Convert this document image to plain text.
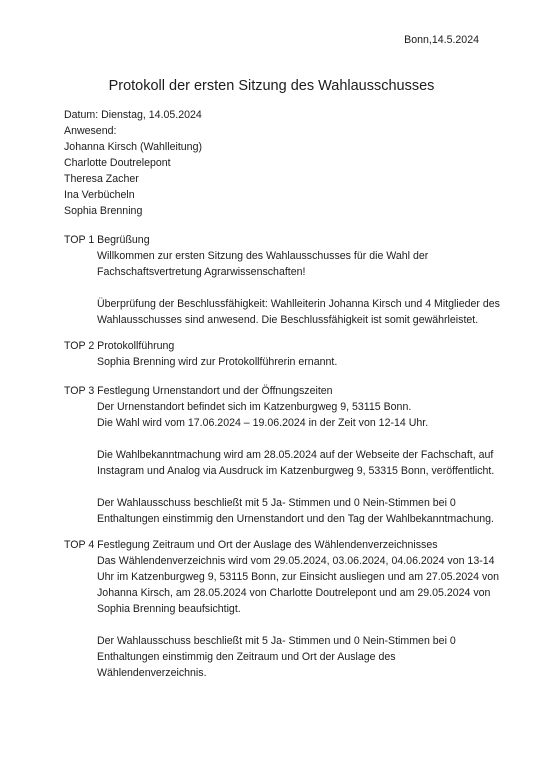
Bonn,14.5.2024
Protokoll der ersten Sitzung des Wahlausschusses
Datum: Dienstag, 14.05.2024
Anwesend:
Johanna Kirsch (Wahlleitung)
Charlotte Doutrelepont
Theresa Zacher
Ina Verbücheln
Sophia Brenning
TOP 1 Begrüßung

Willkommen zur ersten Sitzung des Wahlausschusses für die Wahl der
Fachschaftsvertretung Agrarwissenschaften!

Überprüfung der Beschlussfähigkeit: Wahlleiterin Johanna Kirsch und 4 Mitglieder des
Wahlausschusses sind anwesend. Die Beschlussfähigkeit ist somit gewährleistet.

TOP 2 Protokollführung

Sophia Brenning wird zur Protokollführerin ernannt.

TOP 3 Festlegung Urnenstandort und der Öffnungszeiten

Der Urnenstandort befindet sich im Katzenburgweg 9, 53115 Bonn.
Die Wahl wird vom 17.06.2024 – 19.06.2024 in der Zeit von 12-14 Uhr.

Die Wahlbekanntmachung wird am 28.05.2024 auf der Webseite der Fachschaft, auf
Instagram und Analog via Ausdruck im Katzenburgweg 9, 53315 Bonn, veröffentlicht.

Der Wahlausschuss beschließt mit 5 Ja- Stimmen und 0 Nein-Stimmen bei 0
Enthaltungen einstimmig den Urnenstandort und den Tag der Wahlbekanntmachung.

TOP 4 Festlegung Zeitraum und Ort der Auslage des Wählendenverzeichnisses

Das Wählendenverzeichnis wird vom 29.05.2024, 03.06.2024, 04.06.2024 von 13-14
Uhr im Katzenburgweg 9, 53115 Bonn, zur Einsicht ausliegen und am 27.05.2024 von
Johanna Kirsch, am 28.05.2024 von Charlotte Doutrelepont und am 29.05.2024 von
Sophia Brenning beaufsichtigt.

Der Wahlausschuss beschließt mit 5 Ja- Stimmen und 0 Nein-Stimmen bei 0
Enthaltungen einstimmig den Zeitraum und Ort der Auslage des
Wählendenverzeichnis.
